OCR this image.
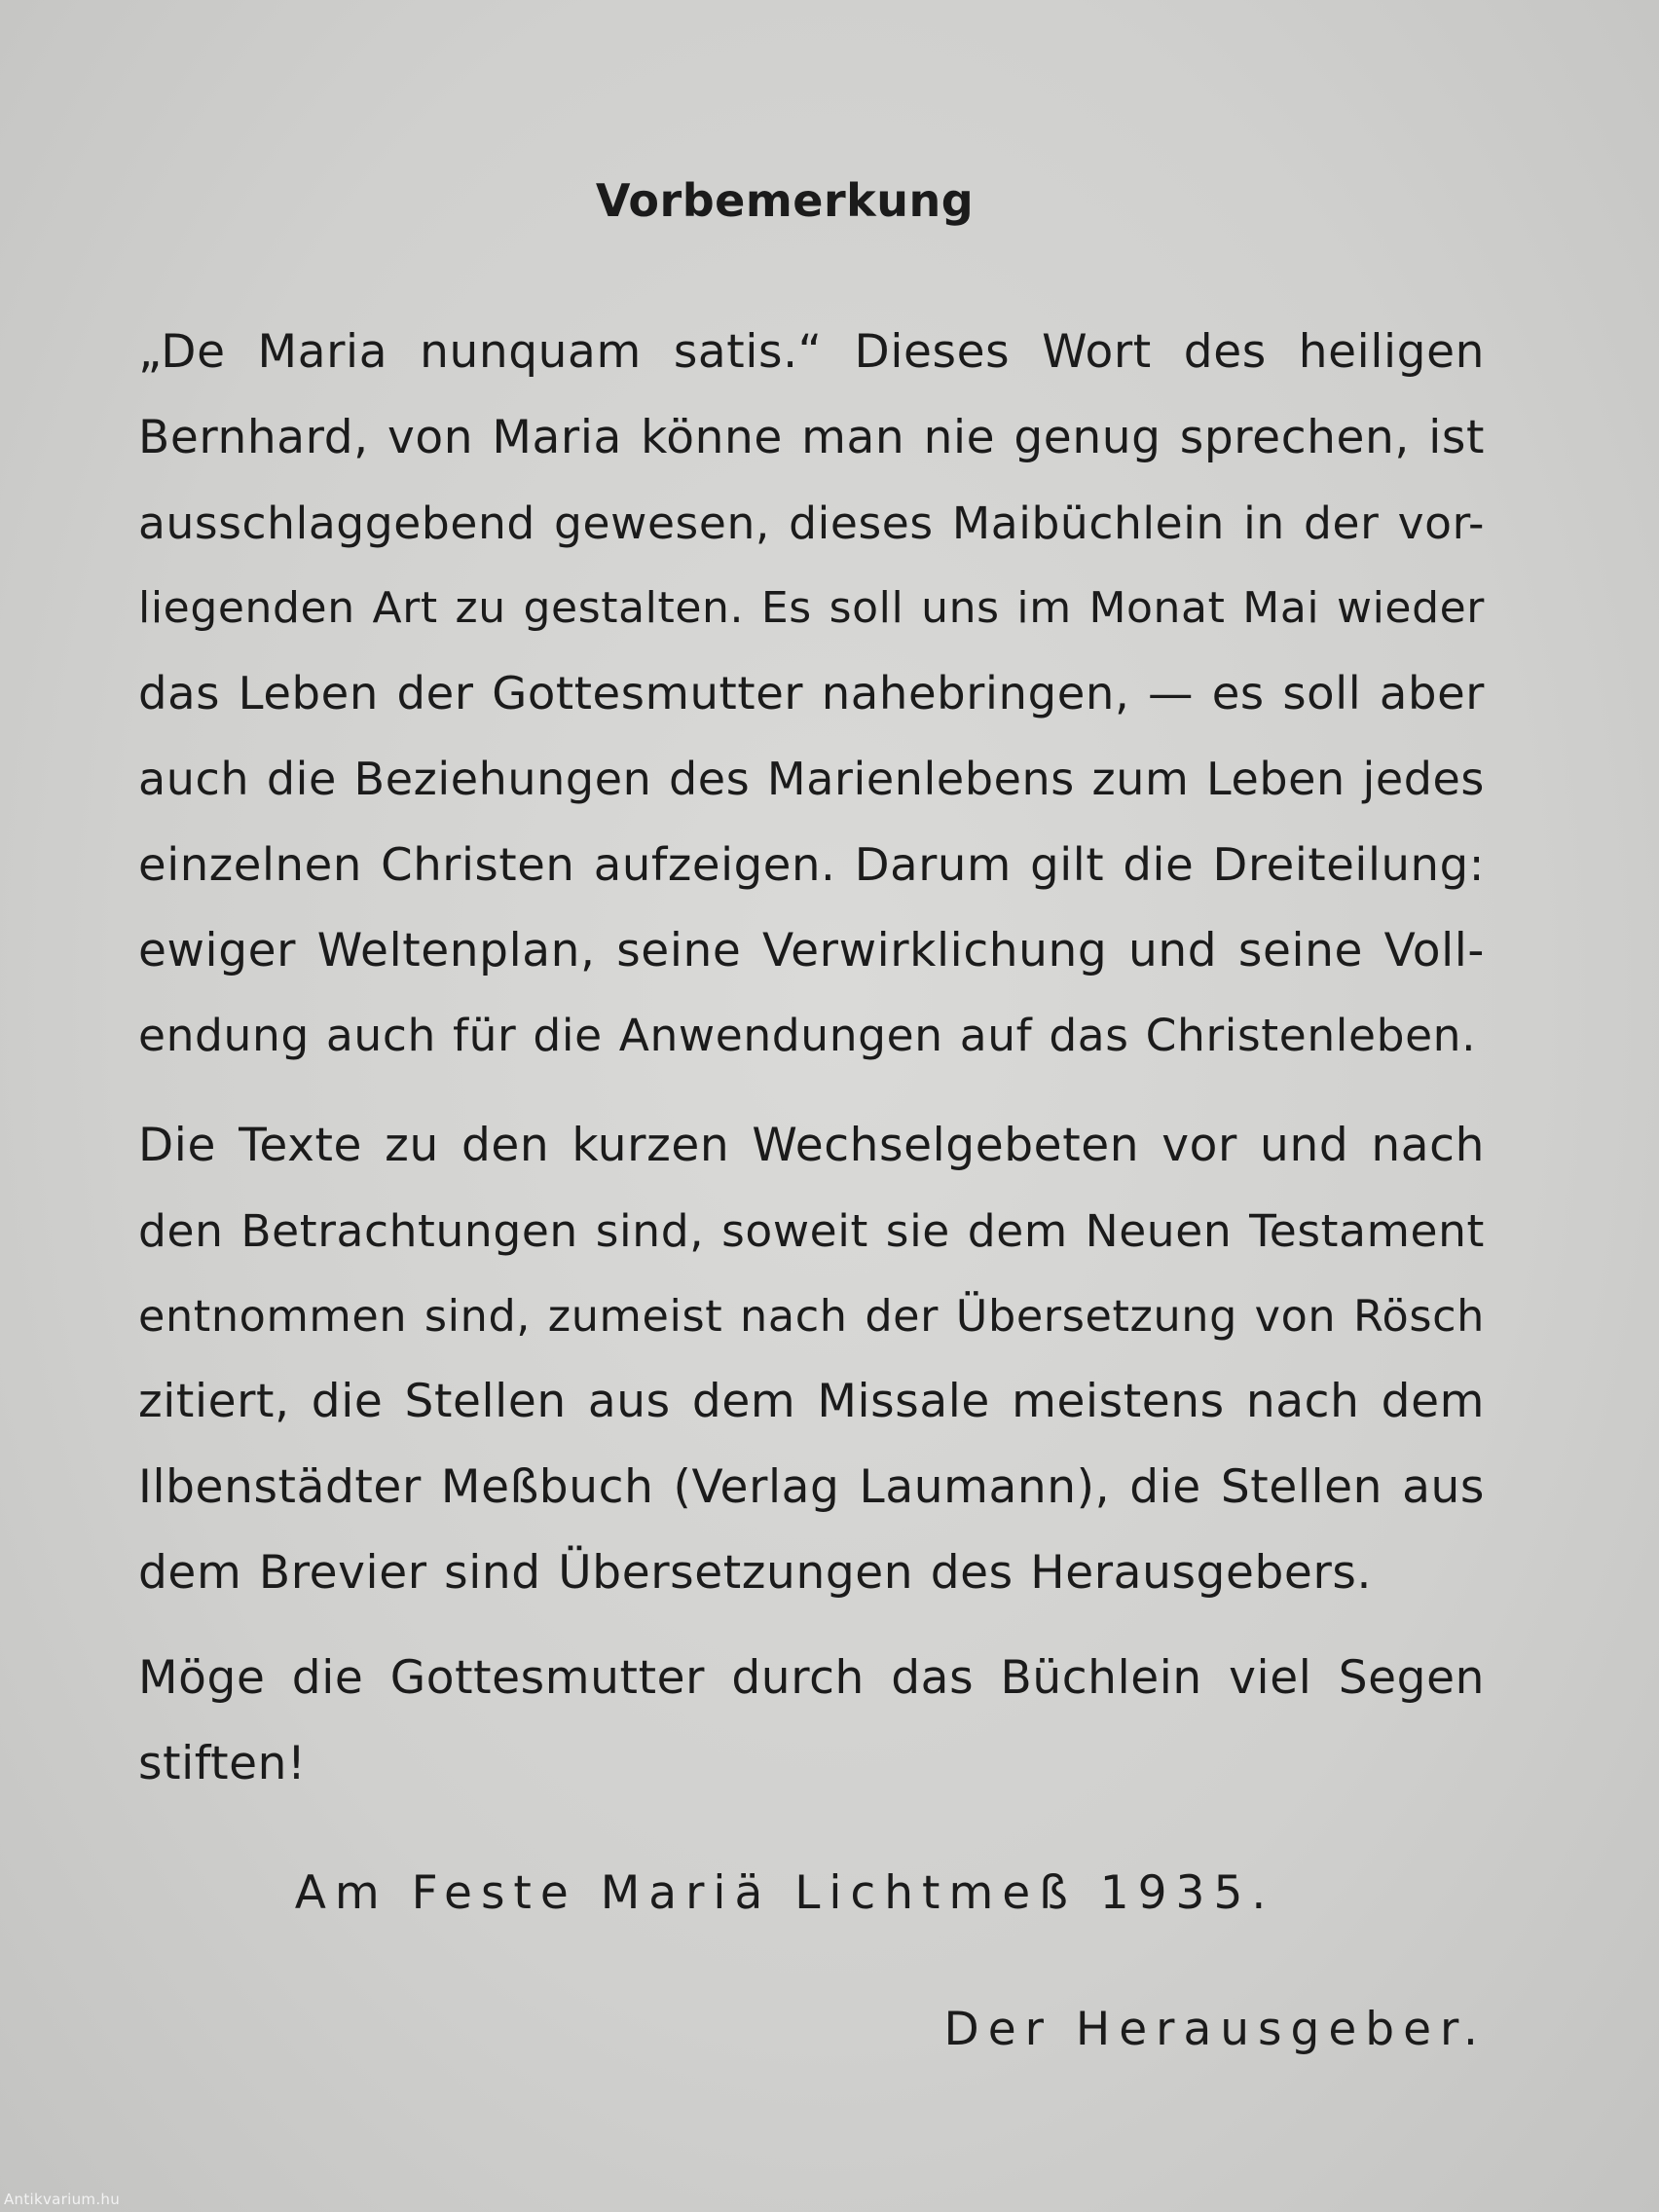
Vorbemerkung

„De Maria nunquam satis.“ Dieses Wort des heiligen
Bernhard, von Maria könne man nie genug sprechen, ist
ausschlaggebend gewesen, dieses Maibüchlein in der vor-
liegenden Art zu gestalten. Es soll uns im Monat Mai wieder
das Leben der Gottesmutter nahebringen, — es soll aber
auch die Beziehungen des Marienlebens zum Leben jedes
einzelnen Christen aufzeigen. Darum gilt die Dreiteilung:
ewiger Weltenplan, seine Verwirklichung und seine Voll-
endung auch für die Anwendungen auf das Christenleben.

Die Texte zu den kurzen Wechselgebeten vor und nach
den Betrachtungen sind, soweit sie dem Neuen Testament
entnommen sind, zumeist nach der Übersetzung von Rösch
zitiert, die Stellen aus dem Missale meistens nach dem
Ilbenstädter Meßbuch (Verlag Laumann), die Stellen aus
dem Brevier sind Übersetzungen des Herausgebers.

Möge die Gottesmutter durch das Büchlein viel Segen
stiften!

Am Feste Mariä Lichtmeß 1935.

Der Herausgeber.

Antikvarium.hu
